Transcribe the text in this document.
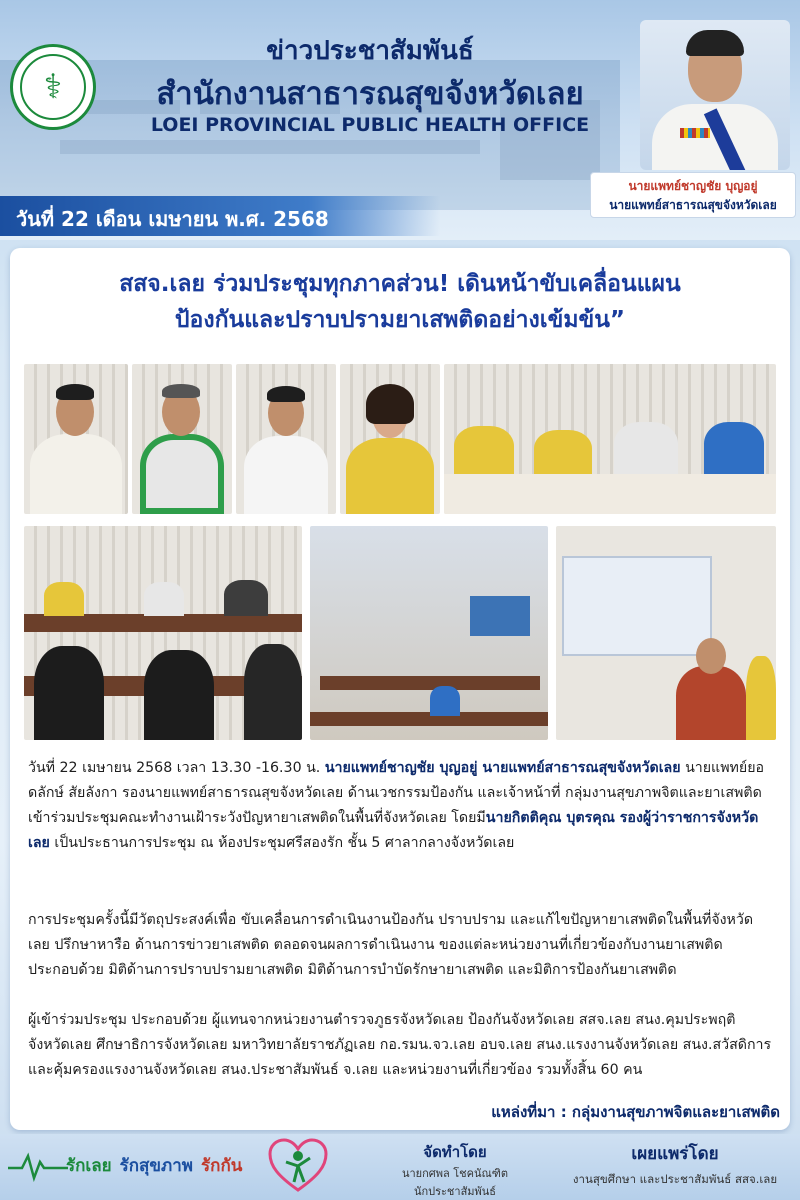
⚕
ข่าวประชาสัมพันธ์
สำนักงานสาธารณสุขจังหวัดเลย
LOEI PROVINCIAL PUBLIC HEALTH OFFICE
วันที่ 22 เดือน เมษายน พ.ศ. 2568
นายแพทย์ชาญชัย บุญอยู่
นายแพทย์สาธารณสุขจังหวัดเลย
สสจ.เลย ร่วมประชุมทุกภาคส่วน! เดินหน้าขับเคลื่อนแผน
ป้องกันและปราบปรามยาเสพติดอย่างเข้มข้น”
วันที่ 22 เมษายน 2568 เวลา 13.30 -16.30 น. นายแพทย์ชาญชัย บุญอยู่ นายแพทย์สาธารณสุขจังหวัดเลย นายแพทย์ยอดลักษ์ สัยลังกา รองนายแพทย์สาธารณสุขจังหวัดเลย ด้านเวชกรรมป้องกัน และเจ้าหน้าที่ กลุ่มงานสุขภาพจิตและยาเสพติด เข้าร่วมประชุมคณะทำงานเฝ้าระวังปัญหายาเสพติดในพื้นที่จังหวัดเลย โดยมีนายกิตติคุณ บุตรคุณ รองผู้ว่าราชการจังหวัดเลย เป็นประธานการประชุม ณ ห้องประชุมศรีสองรัก ชั้น 5 ศาลากลางจังหวัดเลย
การประชุมครั้งนี้มีวัตถุประสงค์เพื่อ ขับเคลื่อนการดำเนินงานป้องกัน ปราบปราม และแก้ไขปัญหายาเสพติดในพื้นที่จังหวัดเลย ปรึกษาหารือ ด้านการข่าวยาเสพติด ตลอดจนผลการดำเนินงาน ของแต่ละหน่วยงานที่เกี่ยวข้องกับงานยาเสพติด ประกอบด้วย มิติด้านการปราบปรามยาเสพติด มิติด้านการบำบัดรักษายาเสพติด และมิติการป้องกันยาเสพติด
ผู้เข้าร่วมประชุม ประกอบด้วย ผู้แทนจากหน่วยงานตำรวจภูธรจังหวัดเลย ป้องกันจังหวัดเลย สสจ.เลย สนง.คุมประพฤติจังหวัดเลย ศึกษาธิการจังหวัดเลย มหาวิทยาลัยราชภัฏเลย กอ.รมน.จว.เลย อบจ.เลย สนง.แรงงานจังหวัดเลย สนง.สวัสดิการและคุ้มครองแรงงานจังหวัดเลย สนง.ประชาสัมพันธ์ จ.เลย และหน่วยงานที่เกี่ยวข้อง รวมทั้งสิ้น 60 คน
แหล่งที่มา : กลุ่มงานสุขภาพจิตและยาเสพติด
รักเลย รักสุขภาพ รักกัน
จัดทำโดย
นายกศพล โชคนัณฑิต
นักประชาสัมพันธ์
เผยแพร่โดย
งานสุขศึกษา และประชาสัมพันธ์ สสจ.เลย
